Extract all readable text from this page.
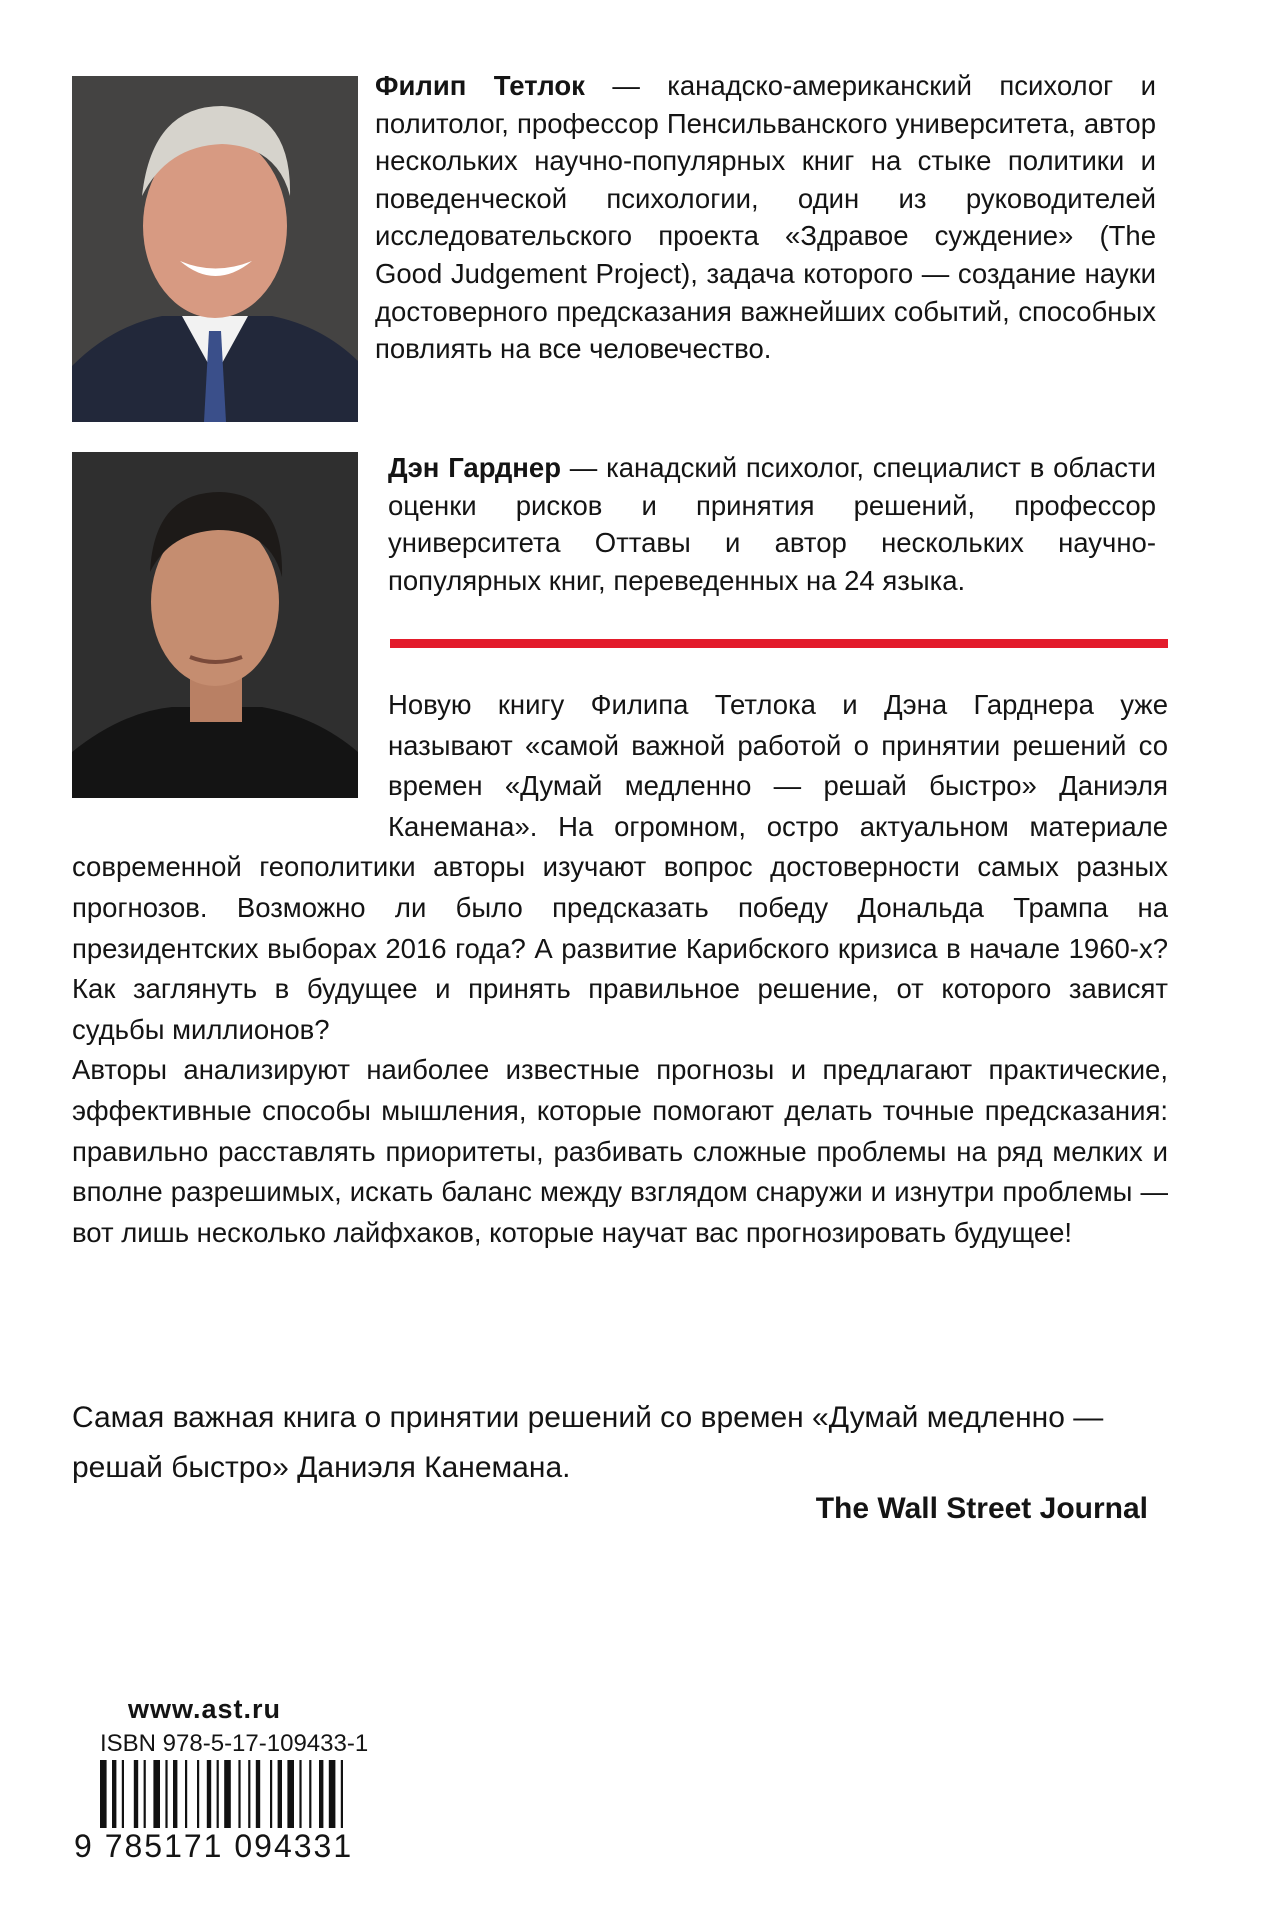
Филип Тетлок — канадско-американский психолог и политолог, профессор Пенсильванского университета, автор нескольких научно-популярных книг на стыке политики и поведенческой психологии, один из руководителей исследовательского проекта «Здравое суждение» (The Good Judgement Project), задача которого — создание науки достоверного предсказания важнейших событий, способных повлиять на все человечество.

Дэн Гарднер — канадский психолог, специалист в области оценки рисков и принятия решений, профессор университета Оттавы и автор нескольких научно-популярных книг, переведенных на 24 языка.

Новую книгу Филипа Тетлока и Дэна Гарднера уже называют «самой важной работой о принятии решений со времен «Думай медленно — решай быстро» Даниэля Канемана». На огромном, остро актуальном материале современной геополитики авторы изучают вопрос достоверности самых разных прогнозов. Возможно ли было предсказать победу Дональда Трампа на президентских выборах 2016 года? А развитие Карибского кризиса в начале 1960-х? Как заглянуть в будущее и принять правильное решение, от которого зависят судьбы миллионов?

Авторы анализируют наиболее известные прогнозы и предлагают практические, эффективные способы мышления, которые помогают делать точные предсказания: правильно расставлять приоритеты, разбивать сложные проблемы на ряд мелких и вполне разрешимых, искать баланс между взглядом снаружи и изнутри проблемы — вот лишь несколько лайфхаков, которые научат вас прогнозировать будущее!

Самая важная книга о принятии решений со времен «Думай медленно — решай быстро» Даниэля Канемана.

The Wall Street Journal

www.ast.ru
ISBN 978-5-17-109433-1
9 785171 094331
